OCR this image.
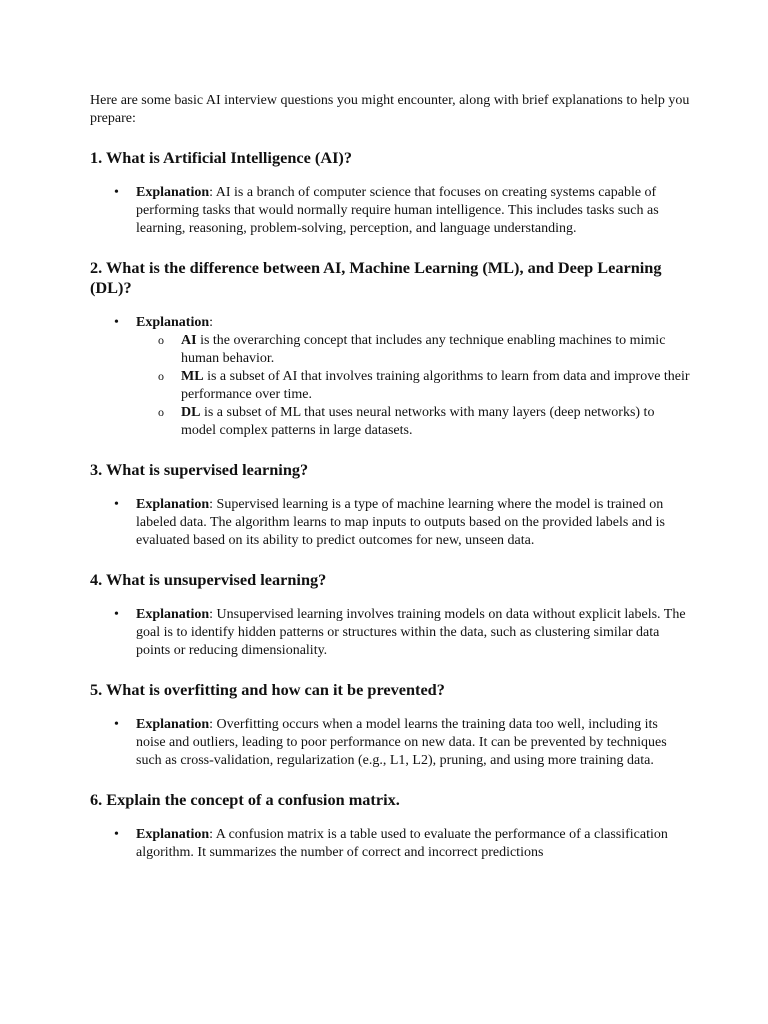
Here are some basic AI interview questions you might encounter, along with brief explanations to help you prepare:

1. What is Artificial Intelligence (AI)?
• Explanation: AI is a branch of computer science that focuses on creating systems capable of performing tasks that would normally require human intelligence. This includes tasks such as learning, reasoning, problem-solving, perception, and language understanding.
2. What is the difference between AI, Machine Learning (ML), and Deep Learning (DL)?
• Explanation:
o AI is the overarching concept that includes any technique enabling machines to mimic human behavior.
o ML is a subset of AI that involves training algorithms to learn from data and improve their performance over time.
o DL is a subset of ML that uses neural networks with many layers (deep networks) to model complex patterns in large datasets.
3. What is supervised learning?
• Explanation: Supervised learning is a type of machine learning where the model is trained on labeled data. The algorithm learns to map inputs to outputs based on the provided labels and is evaluated based on its ability to predict outcomes for new, unseen data.
4. What is unsupervised learning?
• Explanation: Unsupervised learning involves training models on data without explicit labels. The goal is to identify hidden patterns or structures within the data, such as clustering similar data points or reducing dimensionality.
5. What is overfitting and how can it be prevented?
• Explanation: Overfitting occurs when a model learns the training data too well, including its noise and outliers, leading to poor performance on new data. It can be prevented by techniques such as cross-validation, regularization (e.g., L1, L2), pruning, and using more training data.
6. Explain the concept of a confusion matrix.
• Explanation: A confusion matrix is a table used to evaluate the performance of a classification algorithm. It summarizes the number of correct and incorrect predictions
